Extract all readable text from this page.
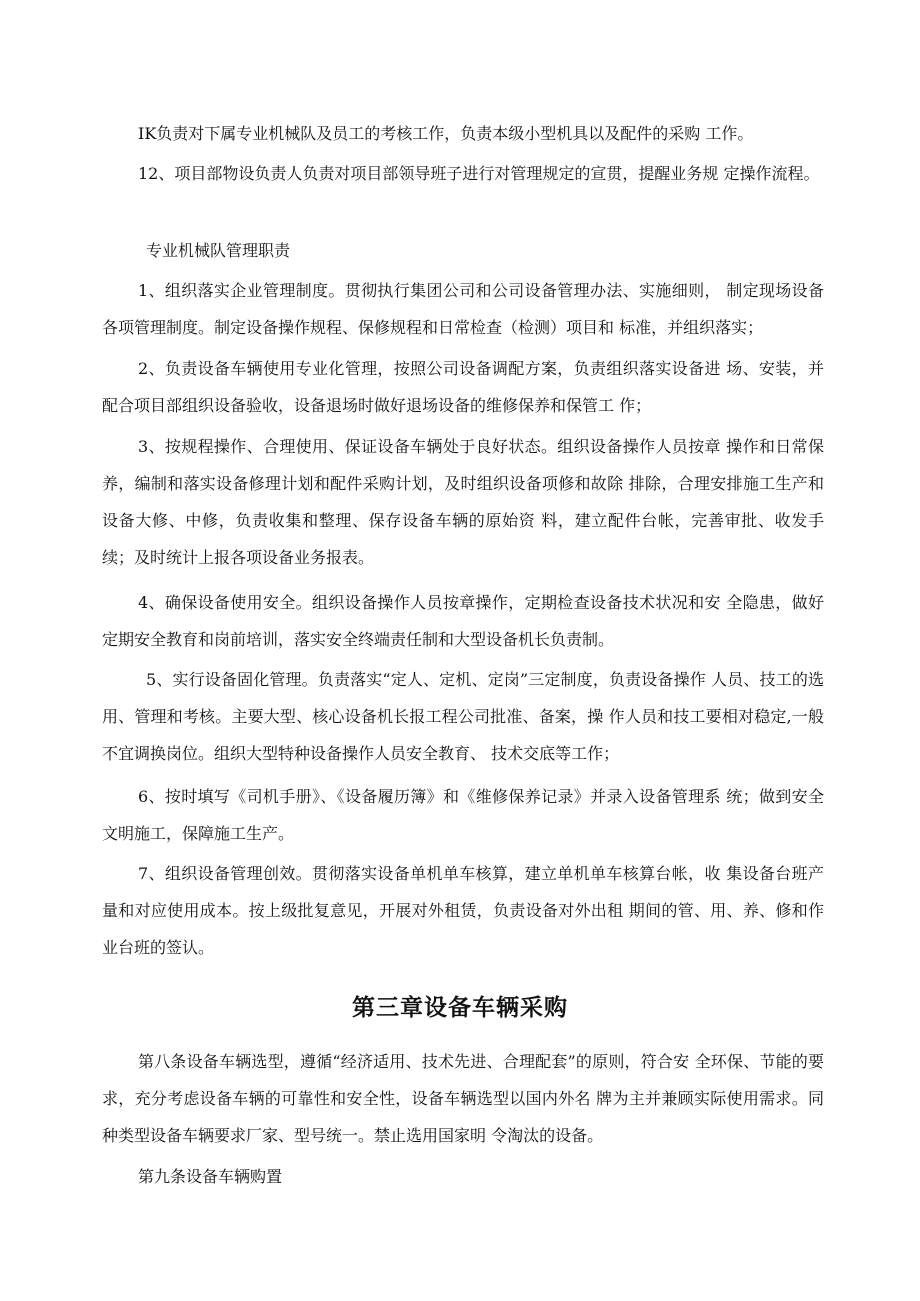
IK负责对下属专业机械队及员工的考核工作，负责本级小型机具以及配件的采购 工作。

12、项目部物设负责人负责对项目部领导班子进行对管理规定的宣贯，提醒业务规 定操作流程。

专业机械队管理职责

1、组织落实企业管理制度。贯彻执行集团公司和公司设备管理办法、实施细则， 制定现场设备各项管理制度。制定设备操作规程、保修规程和日常检查（检测）项目和 标准，并组织落实；

2、负责设备车辆使用专业化管理，按照公司设备调配方案，负责组织落实设备进 场、安装，并配合项目部组织设备验收，设备退场时做好退场设备的维修保养和保管工 作；

3、按规程操作、合理使用、保证设备车辆处于良好状态。组织设备操作人员按章 操作和日常保养，编制和落实设备修理计划和配件采购计划，及时组织设备项修和故除 排除，合理安排施工生产和设备大修、中修，负责收集和整理、保存设备车辆的原始资 料，建立配件台帐，完善审批、收发手续；及时统计上报各项设备业务报表。

4、确保设备使用安全。组织设备操作人员按章操作，定期检查设备技术状况和安 全隐患，做好定期安全教育和岗前培训，落实安全终端责任制和大型设备机长负责制。

5、实行设备固化管理。负责落实“定人、定机、定岗”三定制度，负责设备操作 人员、技工的选用、管理和考核。主要大型、核心设备机长报工程公司批准、备案，操 作人员和技工要相对稳定,一般不宜调换岗位。组织大型特种设备操作人员安全教育、 技术交底等工作；

6、按时填写《司机手册》、《设备履历簿》和《维修保养记录》并录入设备管理系 统；做到安全文明施工，保障施工生产。

7、组织设备管理创效。贯彻落实设备单机单车核算，建立单机单车核算台帐，收 集设备台班产量和对应使用成本。按上级批复意见，开展对外租赁，负责设备对外出租 期间的管、用、养、修和作业台班的签认。

第三章设备车辆采购

第八条设备车辆选型，遵循“经济适用、技术先进、合理配套”的原则，符合安 全环保、节能的要求，充分考虑设备车辆的可靠性和安全性，设备车辆选型以国内外名 牌为主并兼顾实际使用需求。同种类型设备车辆要求厂家、型号统一。禁止选用国家明 令淘汰的设备。

第九条设备车辆购置
